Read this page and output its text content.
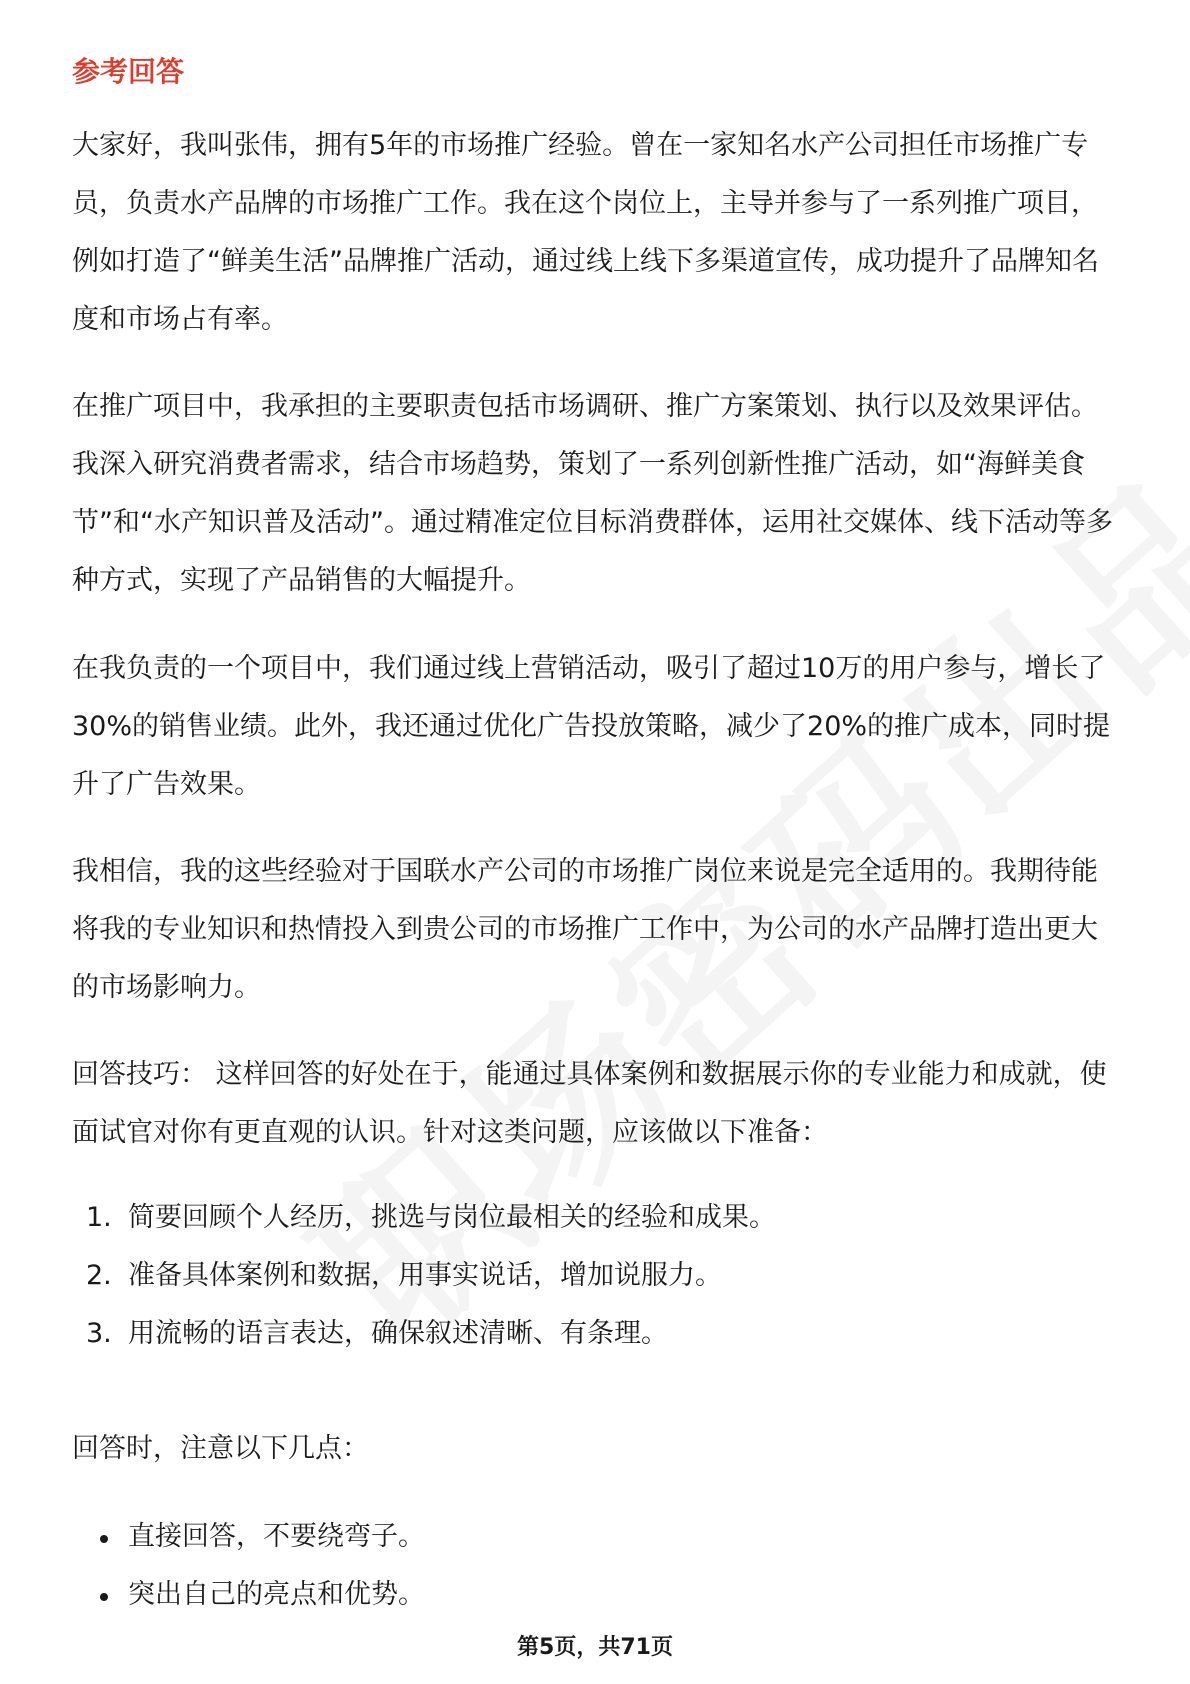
参考回答

大家好，我叫张伟，拥有5年的市场推广经验。曾在一家知名水产公司担任市场推广专员，负责水产品牌的市场推广工作。我在这个岗位上，主导并参与了一系列推广项目，例如打造了“鲜美生活”品牌推广活动，通过线上线下多渠道宣传，成功提升了品牌知名度和市场占有率。

在推广项目中，我承担的主要职责包括市场调研、推广方案策划、执行以及效果评估。我深入研究消费者需求，结合市场趋势，策划了一系列创新性推广活动，如“海鲜美食节”和“水产知识普及活动”。通过精准定位目标消费群体，运用社交媒体、线下活动等多种方式，实现了产品销售的大幅提升。

在我负责的一个项目中，我们通过线上营销活动，吸引了超过10万的用户参与，增长了30%的销售业绩。此外，我还通过优化广告投放策略，减少了20%的推广成本，同时提升了广告效果。

我相信，我的这些经验对于国联水产公司的市场推广岗位来说是完全适用的。我期待能将我的专业知识和热情投入到贵公司的市场推广工作中，为公司的水产品牌打造出更大的市场影响力。

回答技巧： 这样回答的好处在于，能通过具体案例和数据展示你的专业能力和成就，使面试官对你有更直观的认识。针对这类问题，应该做以下准备：

1. 简要回顾个人经历，挑选与岗位最相关的经验和成果。
2. 准备具体案例和数据，用事实说话，增加说服力。
3. 用流畅的语言表达，确保叙述清晰、有条理。

回答时，注意以下几点：

直接回答，不要绕弯子。
突出自己的亮点和优势。
第5页，共71页
